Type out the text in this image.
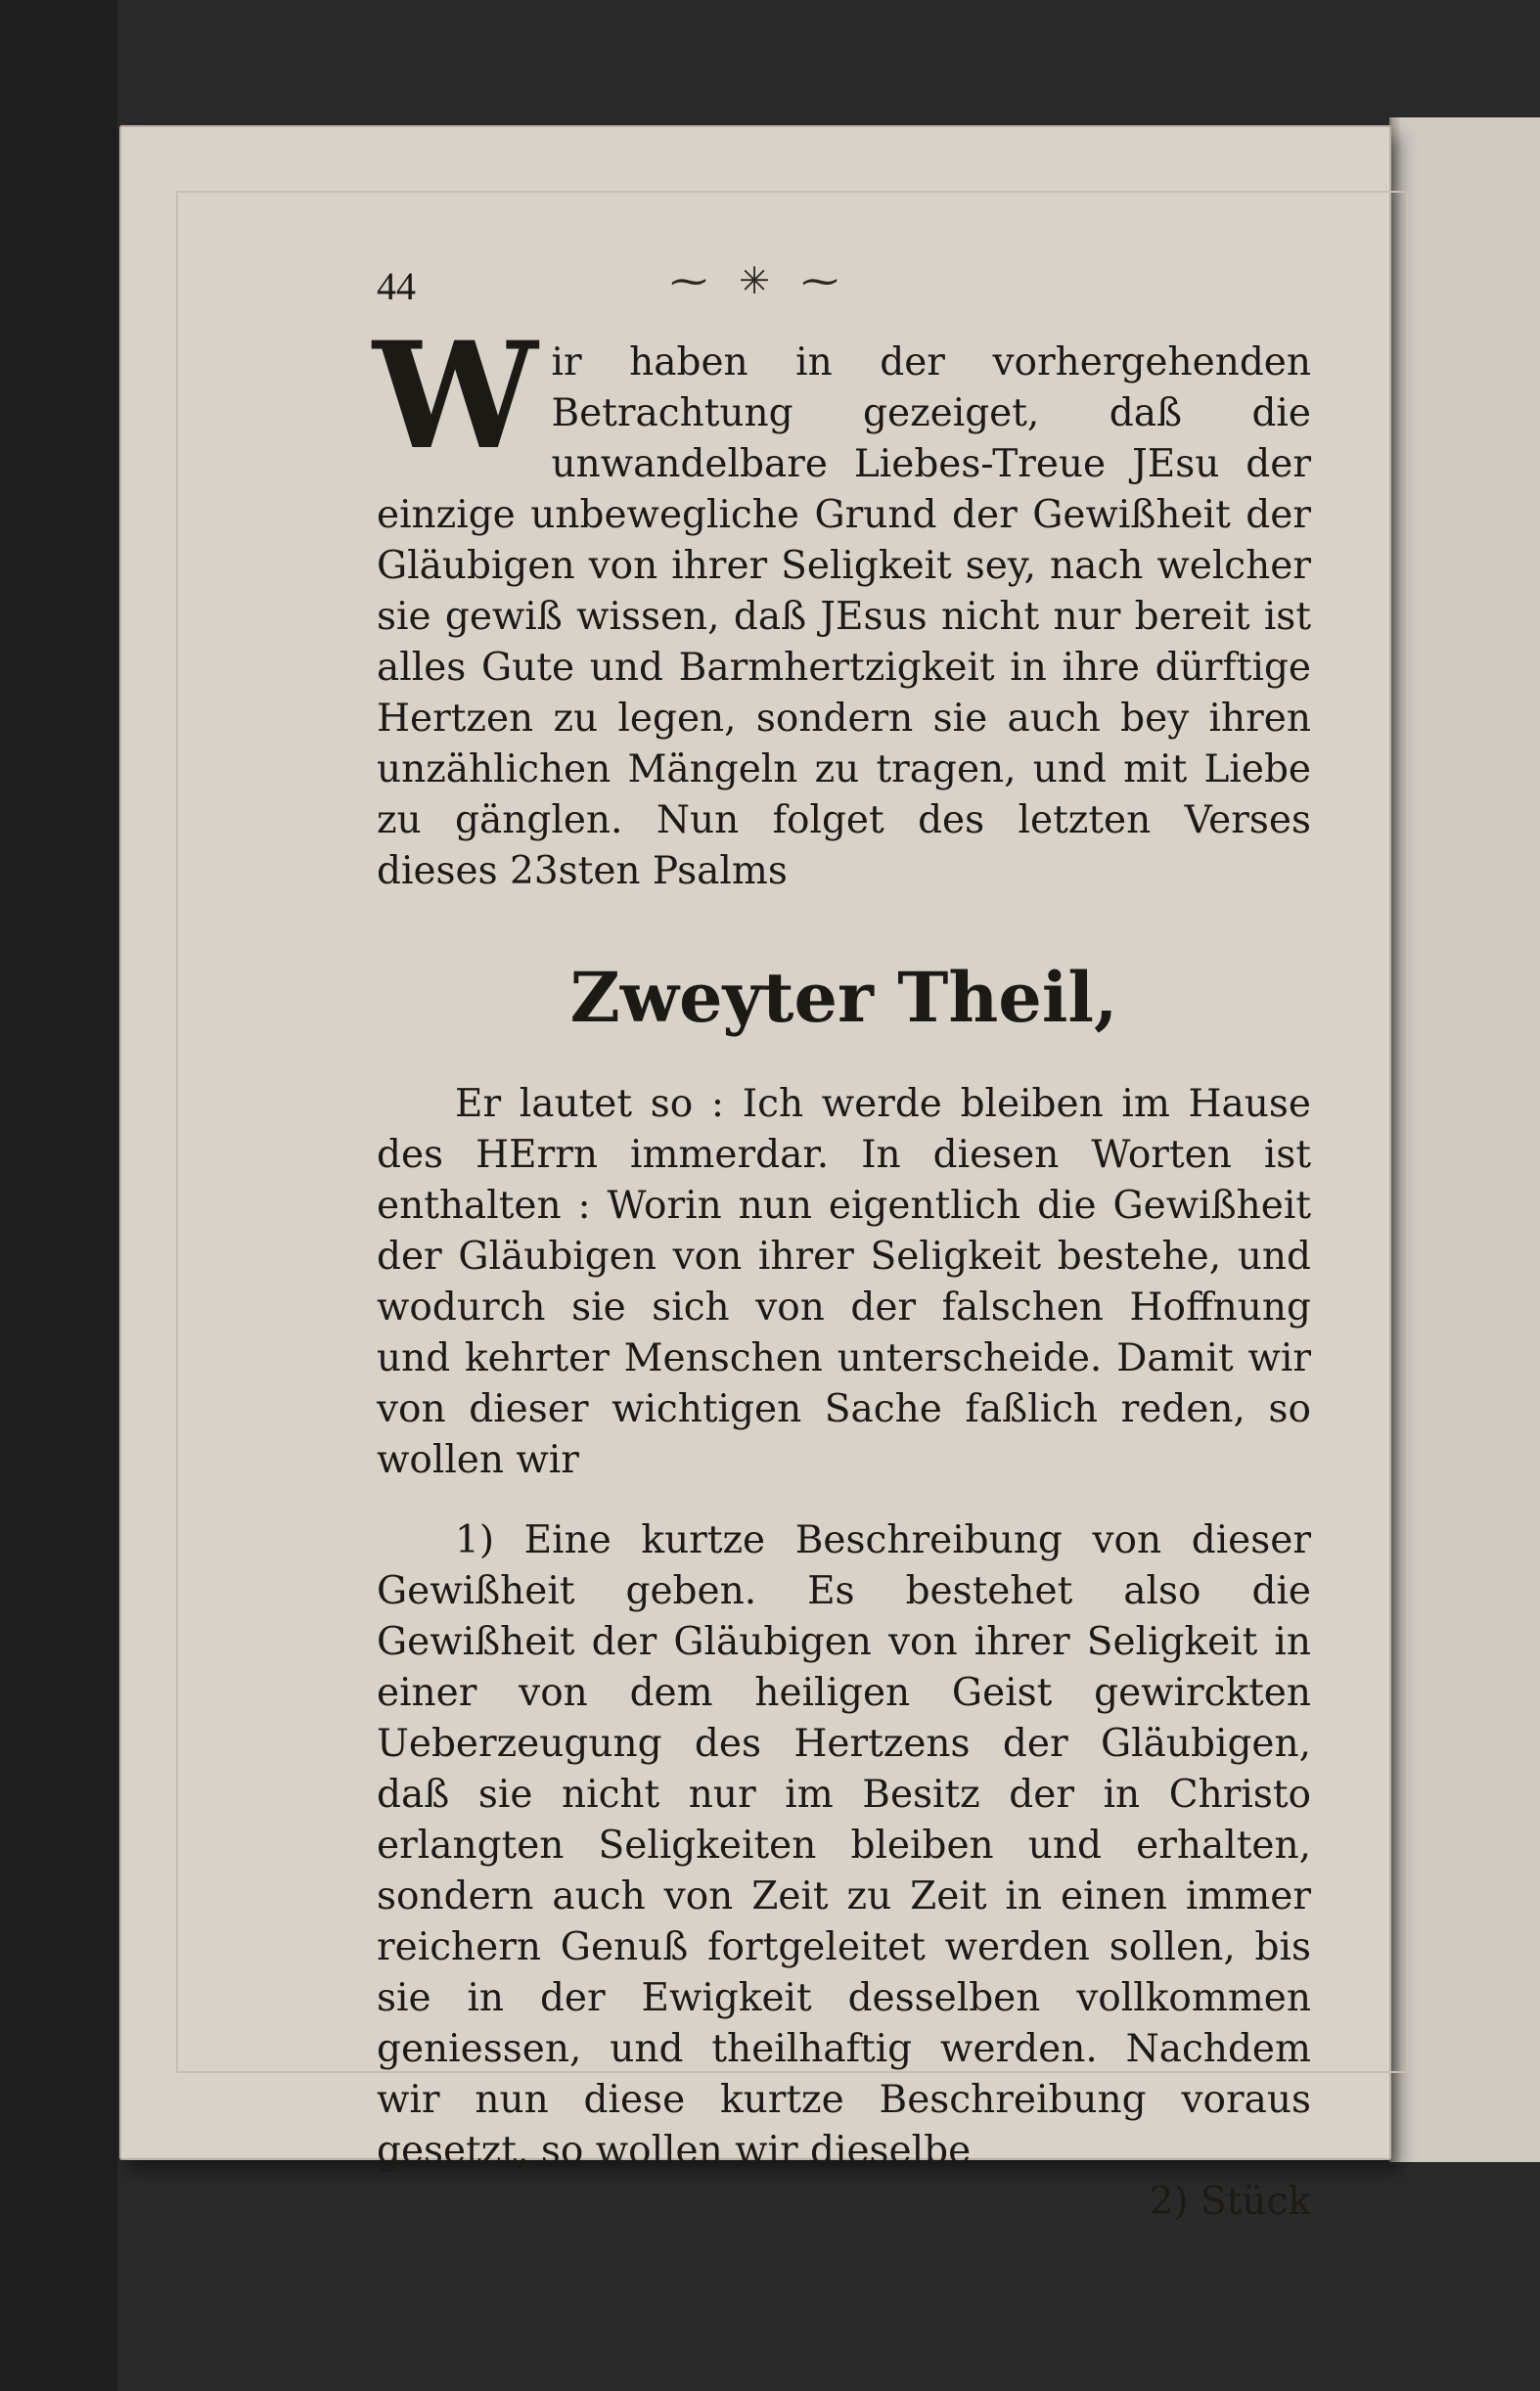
44	⁓ ✳ ⁓
W ir haben in der vorhergehenden Betrachtung gezeiget, daß die unwandelbare Liebes-Treue JEsu der einzige unbewegliche Grund der Gewißheit der Gläubigen von ihrer Seligkeit sey, nach welcher sie gewiß wissen, daß JEsus nicht nur bereit ist alles Gute und Barmhertzigkeit in ihre dürftige Hertzen zu legen, sondern sie auch bey ihren unzählichen Mängeln zu tragen, und mit Liebe zu gänglen. Nun folget des letzten Verses dieses 23sten Psalms

Zweyter Theil,

Er lautet so : Ich werde bleiben im Hause des HErrn immerdar. In diesen Worten ist enthalten : Worin nun eigentlich die Gewißheit der Gläubigen von ihrer Seligkeit bestehe, und wodurch sie sich von der falschen Hoffnung und kehrter Menschen unterscheide. Damit wir von dieser wichtigen Sache faßlich reden, so wollen wir

1) Eine kurtze Beschreibung von dieser Gewißheit geben. Es bestehet also die Gewißheit der Gläubigen von ihrer Seligkeit in einer von dem heiligen Geist gewirckten Ueberzeugung des Hertzens der Gläubigen, daß sie nicht nur im Besitz der in Christo erlangten Seligkeiten bleiben und erhalten, sondern auch von Zeit zu Zeit in einen immer reichern Genuß fortgeleitet werden sollen, bis sie in der Ewigkeit desselben vollkommen geniessen, und theilhaftig werden. Nachdem wir nun diese kurtze Beschreibung voraus gesetzt, so wollen wir dieselbe

2) Stück
